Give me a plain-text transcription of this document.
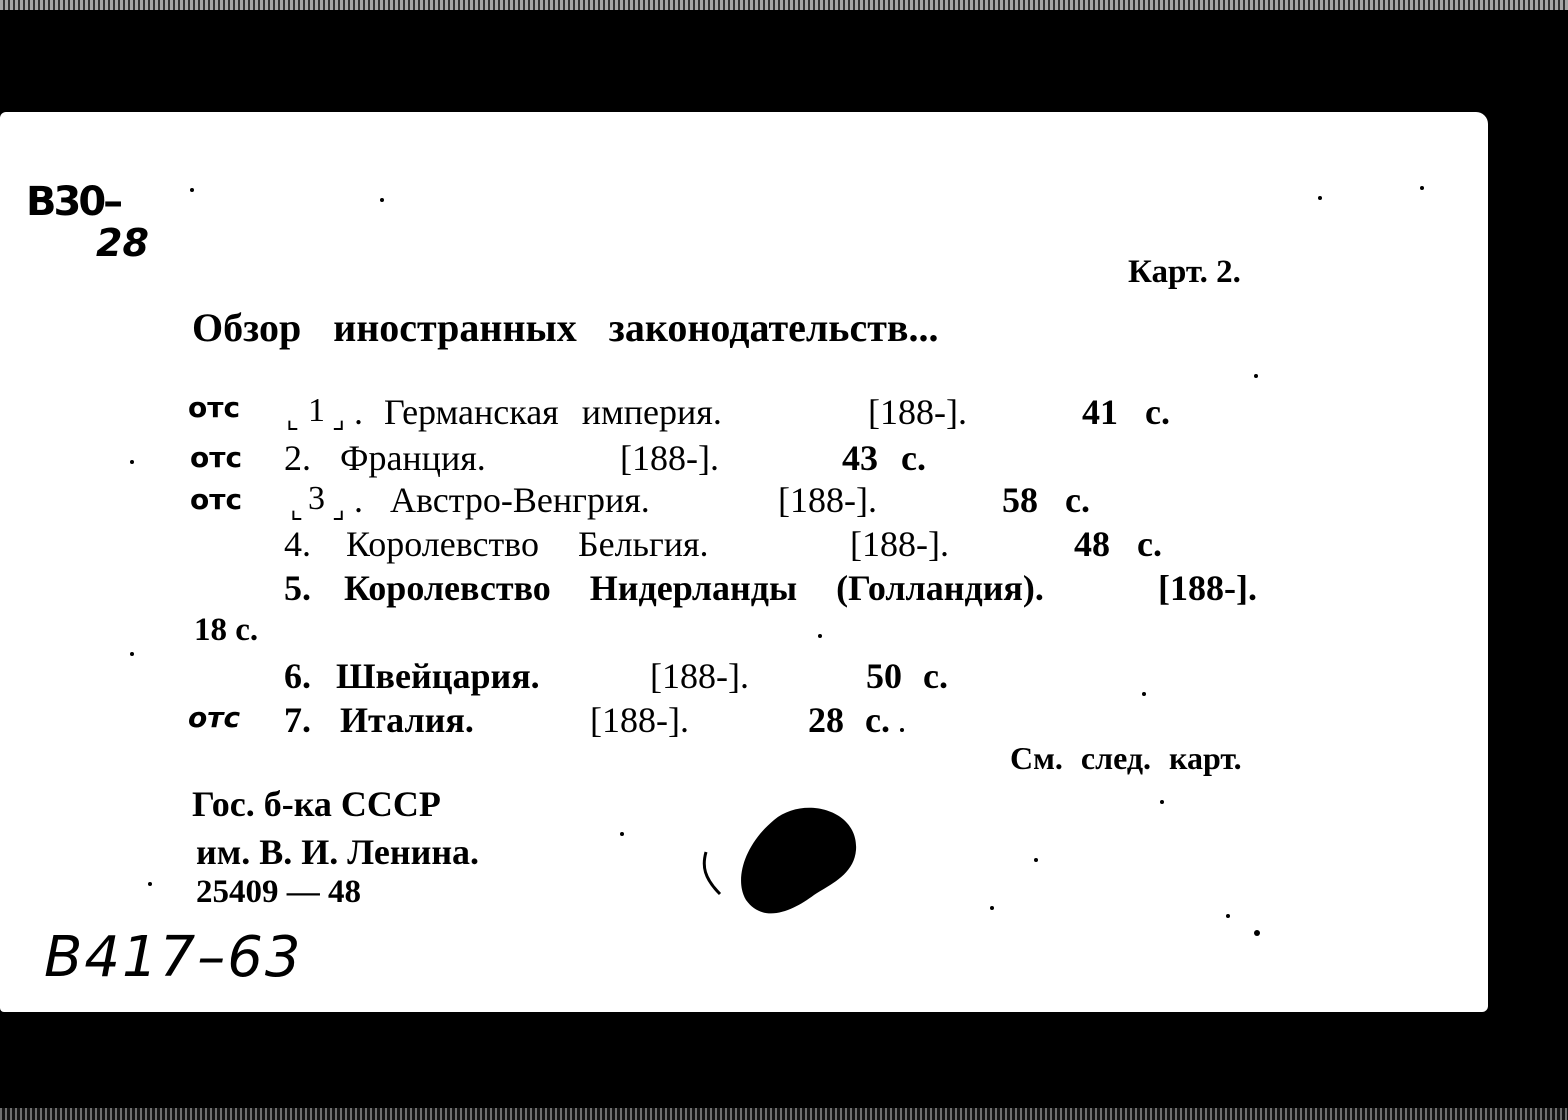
В30–
28
Карт. 2.
Обзор иностранных законодательств...
отс ⌞ 1 ⌟ . Германская империя.	[188-].	41 с.
отс 2. Франция.	[188-].	43 с.
отс ⌞ 3 ⌟ . Австро-Венгрия.	[188-].	58 с.
4. Королевство Бельгия.	[188-].	48 с.
5. Королевство Нидерланды (Голландия).	[188-].
18 с.
6. Швейцария.	[188-].	50 с.
отс 7. Италия.	[188-].	28 с.
См. след. карт.
Гос. б-ка СССР
им. В. И. Ленина.
25409 — 48
В417–63
